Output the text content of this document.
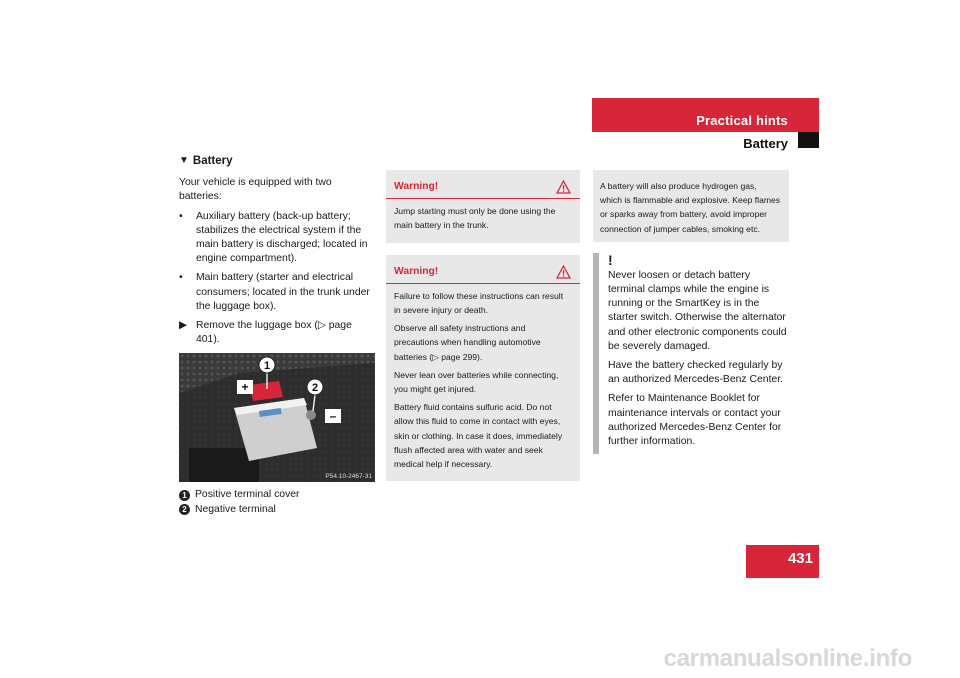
Practical hints
Battery
▼ Battery

Your vehicle is equipped with two batteries:

•	Auxiliary battery (back-up battery; stabilizes the electrical system if the main battery is discharged; located in engine compartment).
•	Main battery (starter and electrical consumers; located in the trunk under the luggage box).
▶ Remove the luggage box (▷ page 401).
1
2
+
–
P54.10-2467-31
1 Positive terminal cover
2 Negative terminal
Warning!

Jump starting must only be done using the main battery in the trunk.

Warning!

Failure to follow these instructions can result in severe injury or death.

Observe all safety instructions and precautions when handling automotive batteries (▷ page 299).

Never lean over batteries while connecting, you might get injured.

Battery fluid contains sulfuric acid. Do not allow this fluid to come in contact with eyes, skin or clothing. In case it does, immediately flush affected area with water and seek medical help if necessary.

A battery will also produce hydrogen gas, which is flammable and explosive. Keep flames or sparks away from battery, avoid improper connection of jumper cables, smoking etc.
!

Never loosen or detach battery terminal clamps while the engine is running or the SmartKey is in the starter switch. Otherwise the alternator and other electronic components could be severely damaged.

Have the battery checked regularly by an authorized Mercedes-Benz Center.

Refer to Maintenance Booklet for maintenance intervals or contact your authorized Mercedes-Benz Center for further information.

431
carmanualsonline.info
